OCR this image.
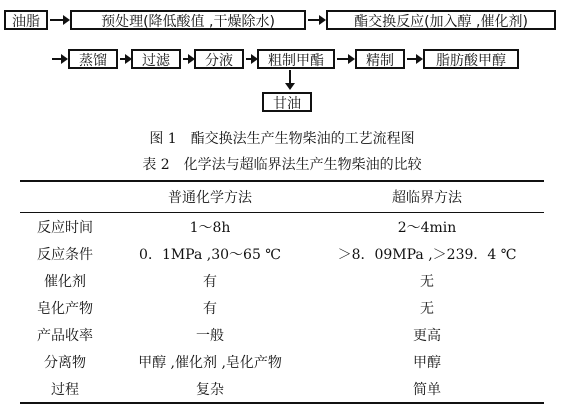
油脂	预处理(降低酸值 ,干燥除水)	酯交换反应(加入醇 ,催化剂)
蒸馏	过滤	分液	粗制甲酯	精制	脂肪酸甲醇
甘油
图 1　酯交换法生产生物柴油的工艺流程图
表 2　化学法与超临界法生产生物柴油的比较
	普通化学方法	超临界方法
反应时间	1～8h	2～4min
反应条件	0．1MPa ,30～65 ℃	＞8．09MPa ,＞239．4 ℃
催化剂	有	无
皂化产物	有	无
产品收率	一般	更高
分离物	甲醇 ,催化剂 ,皂化产物	甲醇
过程	复杂	简单
